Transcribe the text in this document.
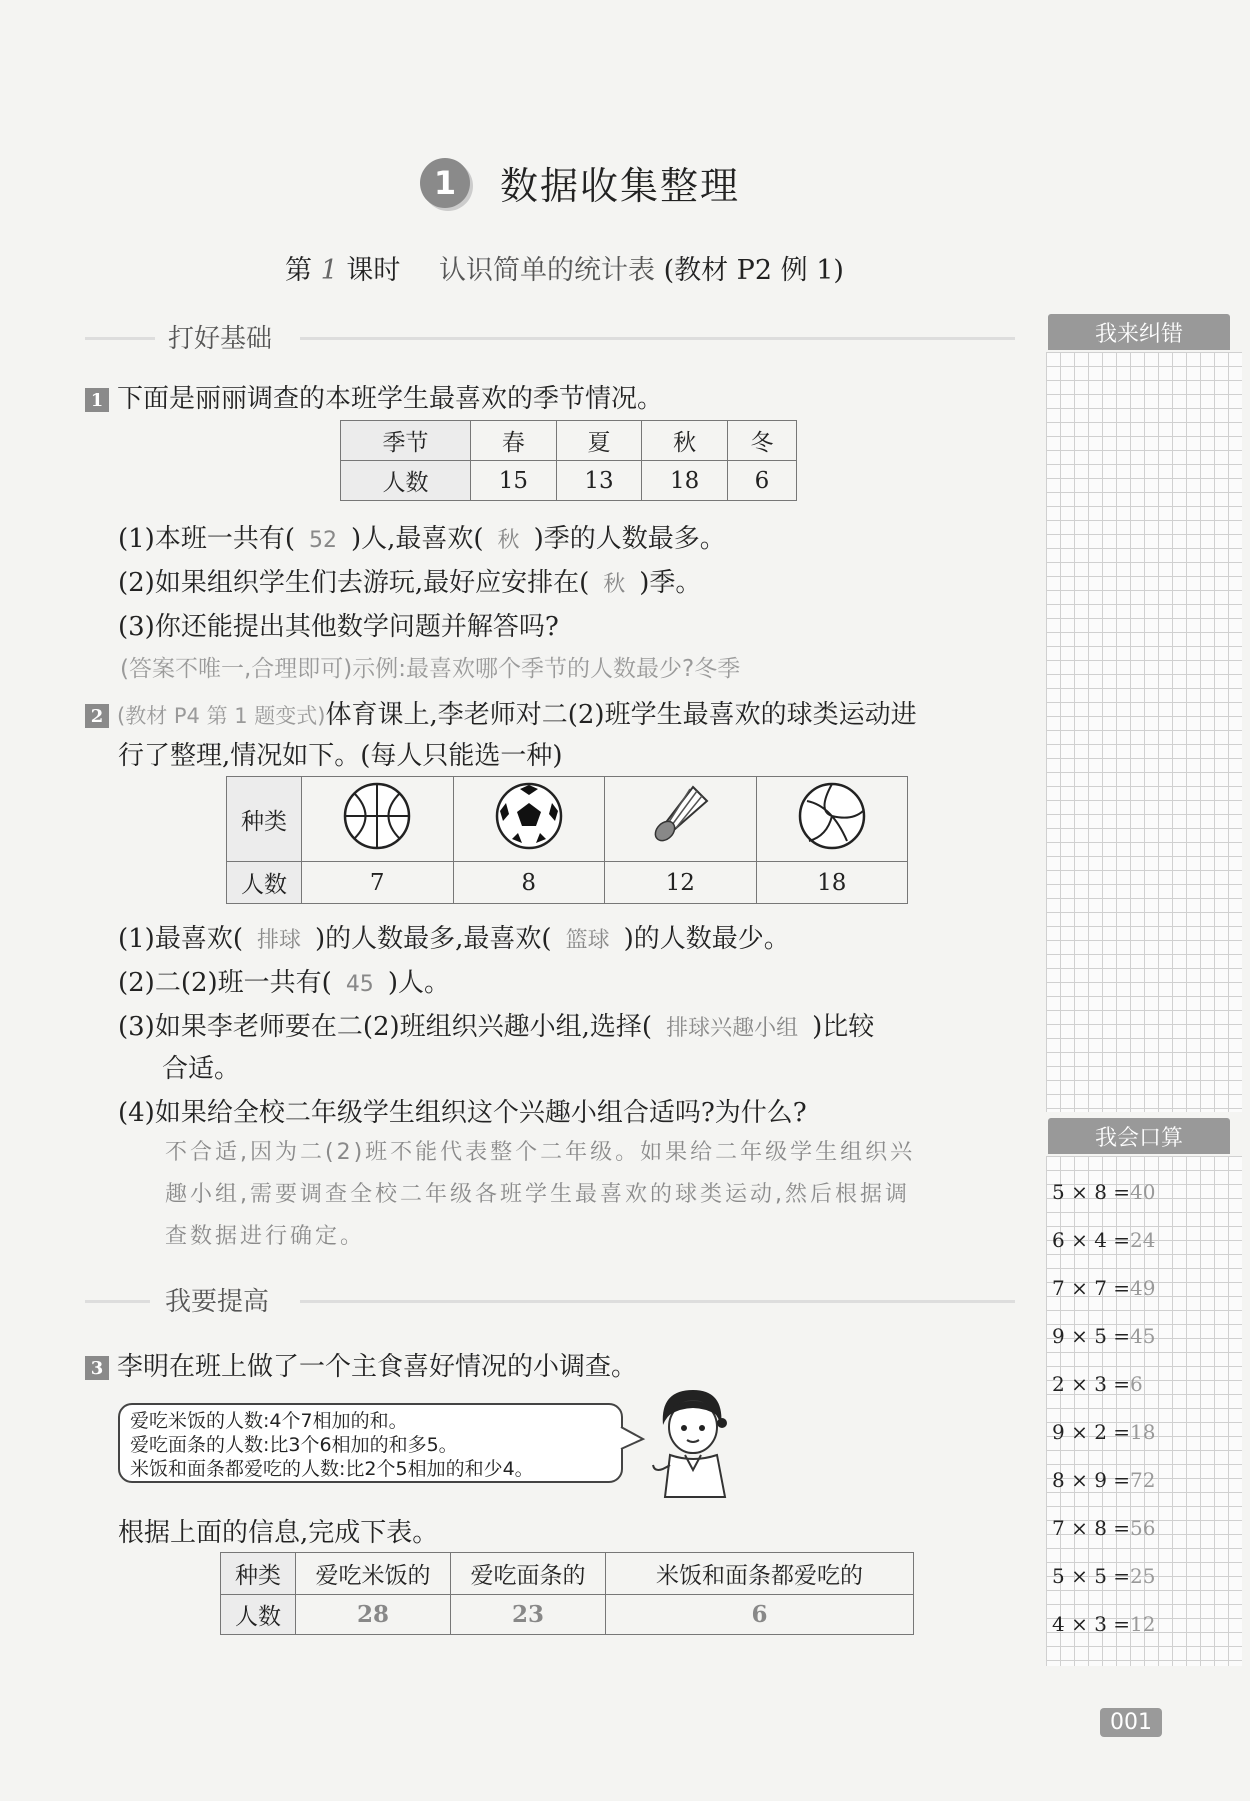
1	数据收集整理
第 1 课时 认识简单的统计表 (教材 P2 例 1)
打好基础
1 下面是丽丽调查的本班学生最喜欢的季节情况。
季节	春	夏	秋	冬
人数	15	13	18	6
(1)本班一共有( 52 )人,最喜欢( 秋 )季的人数最多。
(2)如果组织学生们去游玩,最好应安排在( 秋 )季。
(3)你还能提出其他数学问题并解答吗?
(答案不唯一,合理即可)示例:最喜欢哪个季节的人数最少?冬季
2 (教材 P4 第 1 题变式)体育课上,李老师对二(2)班学生最喜欢的球类运动进
行了整理,情况如下。(每人只能选一种)
种类				
人数	7	8	12	18
(1)最喜欢( 排球 )的人数最多,最喜欢( 篮球 )的人数最少。
(2)二(2)班一共有( 45 )人。
(3)如果李老师要在二(2)班组织兴趣小组,选择( 排球兴趣小组 )比较
合适。
(4)如果给全校二年级学生组织这个兴趣小组合适吗?为什么?
不合适,因为二(2)班不能代表整个二年级。如果给二年级学生组织兴
趣小组,需要调查全校二年级各班学生最喜欢的球类运动,然后根据调
查数据进行确定。
我要提高
3 李明在班上做了一个主食喜好情况的小调查。
爱吃米饭的人数:4个7相加的和。
爱吃面条的人数:比3个6相加的和多5。
米饭和面条都爱吃的人数:比2个5相加的和少4。
根据上面的信息,完成下表。
种类	爱吃米饭的	爱吃面条的	米饭和面条都爱吃的
人数	28	23	6
我来纠错
我会口算
5 × 8 =40
6 × 4 =24
7 × 7 =49
9 × 5 =45
2 × 3 =6
9 × 2 =18
8 × 9 =72
7 × 8 =56
5 × 5 =25
4 × 3 =12
001
